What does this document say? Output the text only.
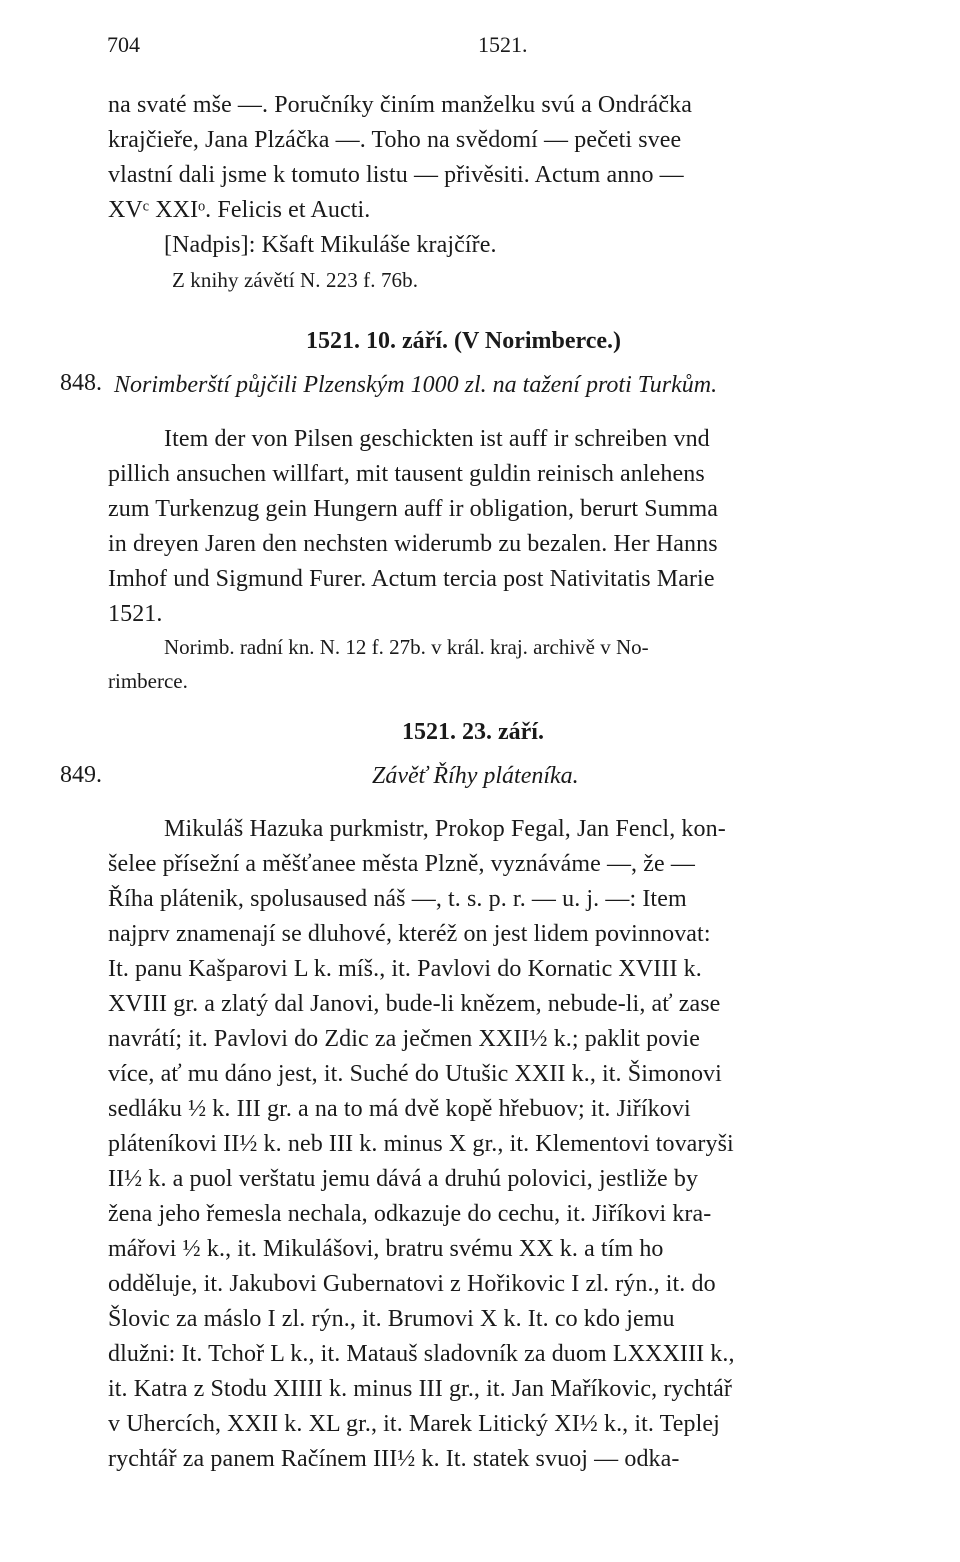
704	1521.
na svaté mše —. Poručníky činím manželku svú a Ondráčka
krajčieře, Jana Plzáčka —. Toho na svědomí — pečeti svee
vlastní dali jsme k tomuto listu — přivěsiti. Actum anno —
XVᶜ XXIᵒ. Felicis et Aucti.
[Nadpis]: Kšaft Mikuláše krajčíře.
Z knihy závětí N. 223 f. 76b.
1521. 10. září. (V Norimberce.)
848. Norimberští půjčili Plzenským 1000 zl. na tažení proti Turkům.
Item der von Pilsen geschickten ist auff ir schreiben vnd
pillich ansuchen willfart, mit tausent guldin reinisch anlehens
zum Turkenzug gein Hungern auff ir obligation, berurt Summa
in dreyen Jaren den nechsten widerumb zu bezalen. Her Hanns
Imhof und Sigmund Furer. Actum tercia post Nativitatis Marie
1521.
Norimb. radní kn. N. 12 f. 27b. v král. kraj. archivě v No-
rimberce.
1521. 23. září.
849.	Závěť Říhy pláteníka.
Mikuláš Hazuka purkmistr, Prokop Fegal, Jan Fencl, kon-
šelee přísežní a měšťanee města Plzně, vyznáváme —, že —
Říha plátenik, spolusaused náš —, t. s. p. r. — u. j. —: Item
najprv znamenají se dluhové, kteréž on jest lidem povinnovat:
It. panu Kašparovi L k. míš., it. Pavlovi do Kornatic XVIII k.
XVIII gr. a zlatý dal Janovi, bude-li knězem, nebude-li, ať zase
navrátí; it. Pavlovi do Zdic za ječmen XXII½ k.; paklit povie
více, ať mu dáno jest, it. Suché do Utušic XXII k., it. Šimonovi
sedláku ½ k. III gr. a na to má dvě kopě hřebuov; it. Jiříkovi
pláteníkovi II½ k. neb III k. minus X gr., it. Klementovi tovaryši
II½ k. a puol verštatu jemu dává a druhú polovici, jestliže by
žena jeho řemesla nechala, odkazuje do cechu, it. Jiříkovi kra-
mářovi ½ k., it. Mikulášovi, bratru svému XX k. a tím ho
odděluje, it. Jakubovi Gubernatovi z Hořikovic I zl. rýn., it. do
Šlovic za máslo I zl. rýn., it. Brumovi X k. It. co kdo jemu
dlužni: It. Tchoř L k., it. Matauš sladovník za duom LXXXIII k.,
it. Katra z Stodu XIIII k. minus III gr., it. Jan Maříkovic, rychtář
v Uhercích, XXII k. XL gr., it. Marek Litický XI½ k., it. Teplej
rychtář za panem Račínem III½ k. It. statek svuoj — odka-
